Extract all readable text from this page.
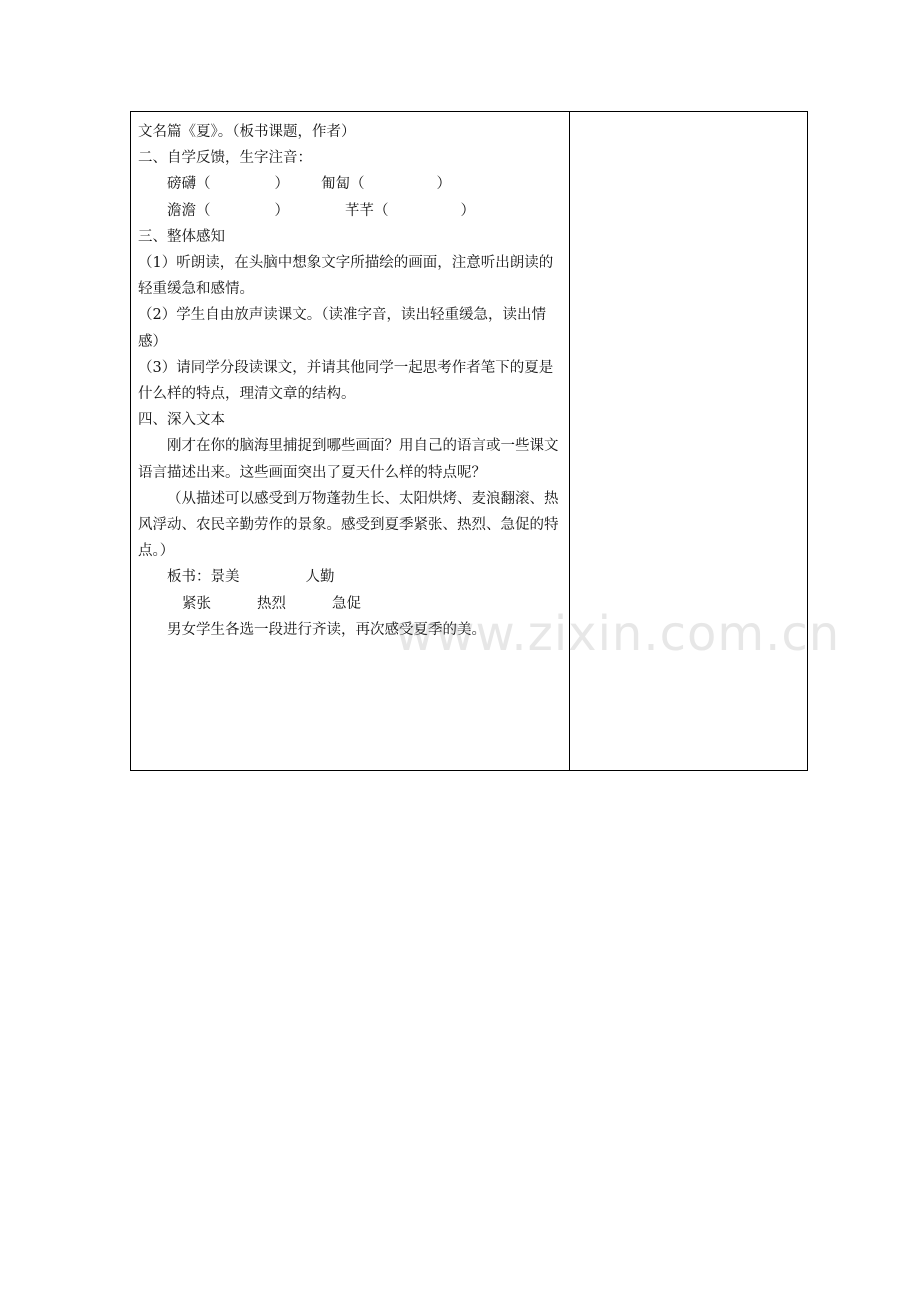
文名篇《夏》。（板书课题，作者）

二、自学反馈，生字注音：

磅礴（	） 匍匐（	）

澹澹（	）	芊芊（	）

三、整体感知

（1）听朗读，在头脑中想象文字所描绘的画面，注意听出朗读的轻重缓急和感情。

（2）学生自由放声读课文。（读准字音，读出轻重缓急，读出情感）

（3）请同学分段读课文，并请其他同学一起思考作者笔下的夏是什么样的特点，理清文章的结构。

四、深入文本

刚才在你的脑海里捕捉到哪些画面？用自己的语言或一些课文语言描述出来。这些画面突出了夏天什么样的特点呢？

（从描述可以感受到万物蓬勃生长、太阳烘烤、麦浪翻滚、热风浮动、农民辛勤劳作的景象。感受到夏季紧张、热烈、急促的特点。）

板书：景美	人勤

紧张	热烈	急促

男女学生各选一段进行齐读，再次感受夏季的美。

www.zixin.com.cn
